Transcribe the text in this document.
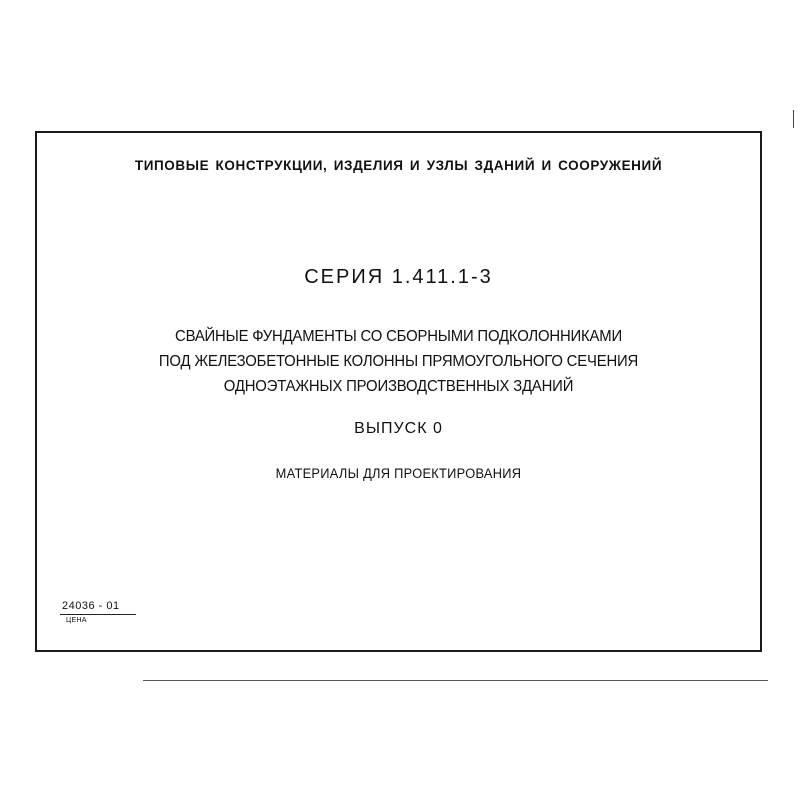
ТИПОВЫЕ КОНСТРУКЦИИ, ИЗДЕЛИЯ И УЗЛЫ ЗДАНИЙ И СООРУЖЕНИЙ
СЕРИЯ 1.411.1-3
СВАЙНЫЕ ФУНДАМЕНТЫ СО СБОРНЫМИ ПОДКОЛОННИКАМИ
ПОД ЖЕЛЕЗОБЕТОННЫЕ КОЛОННЫ ПРЯМОУГОЛЬНОГО СЕЧЕНИЯ
ОДНОЭТАЖНЫХ ПРОИЗВОДСТВЕННЫХ ЗДАНИЙ
ВЫПУСК 0
МАТЕРИАЛЫ ДЛЯ ПРОЕКТИРОВАНИЯ
24036 - 01
ЦЕНА
